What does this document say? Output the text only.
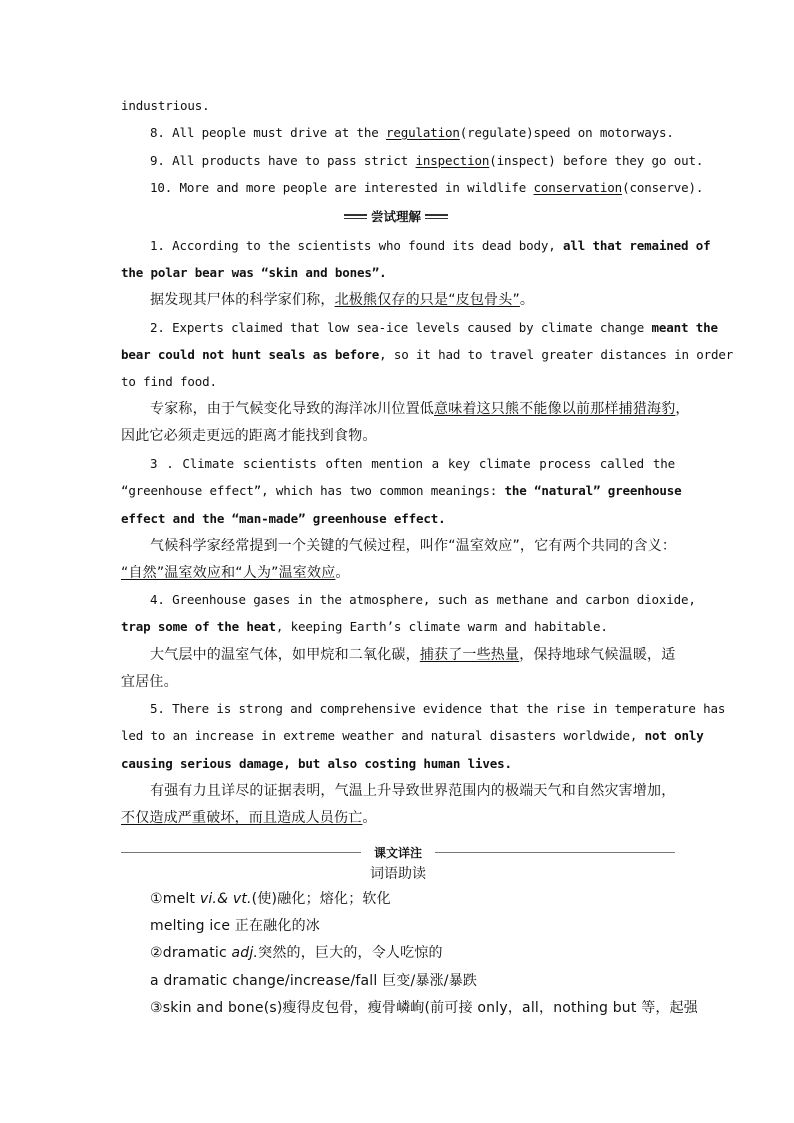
industrious.
8. All people must drive at the regulation(regulate)speed on motorways.
9. All products have to pass strict inspection(inspect) before they go out.
10. More and more people are interested in wildlife conservation(conserve).
尝试理解
1. According to the scientists who found its dead body, all that remained of
the polar bear was “skin and bones”.
据发现其尸体的科学家们称，北极熊仅存的只是“皮包骨头”。
2. Experts claimed that low sea-ice levels caused by climate change meant the
bear could not hunt seals as before, so it had to travel greater distances in order
to find food.
专家称，由于气候变化导致的海洋冰川位置低意味着这只熊不能像以前那样捕猎海豹，
因此它必须走更远的距离才能找到食物。
3 . Climate scientists often mention a key climate process called the
“greenhouse effect”, which has two common meanings: the “natural” greenhouse
effect and the “man-made” greenhouse effect.
气候科学家经常提到一个关键的气候过程，叫作“温室效应”，它有两个共同的含义：
“自然”温室效应和“人为”温室效应。
4. Greenhouse gases in the atmosphere, such as methane and carbon dioxide,
trap some of the heat, keeping Earth’s climate warm and habitable.
大气层中的温室气体，如甲烷和二氧化碳，捕获了一些热量，保持地球气候温暖，适
宜居住。
5. There is strong and comprehensive evidence that the rise in temperature has
led to an increase in extreme weather and natural disasters worldwide, not only
causing serious damage, but also costing human lives.
有强有力且详尽的证据表明，气温上升导致世界范围内的极端天气和自然灾害增加，
不仅造成严重破坏，而且造成人员伤亡。
课文详注
词语助读
①melt vi.& vt.(使)融化；熔化；软化
melting ice 正在融化的冰
②dramatic adj.突然的，巨大的，令人吃惊的
a dramatic change/increase/fall 巨变/暴涨/暴跌
③skin and bone(s)瘦得皮包骨，瘦骨嶙峋(前可接 only，all，nothing but 等，起强
